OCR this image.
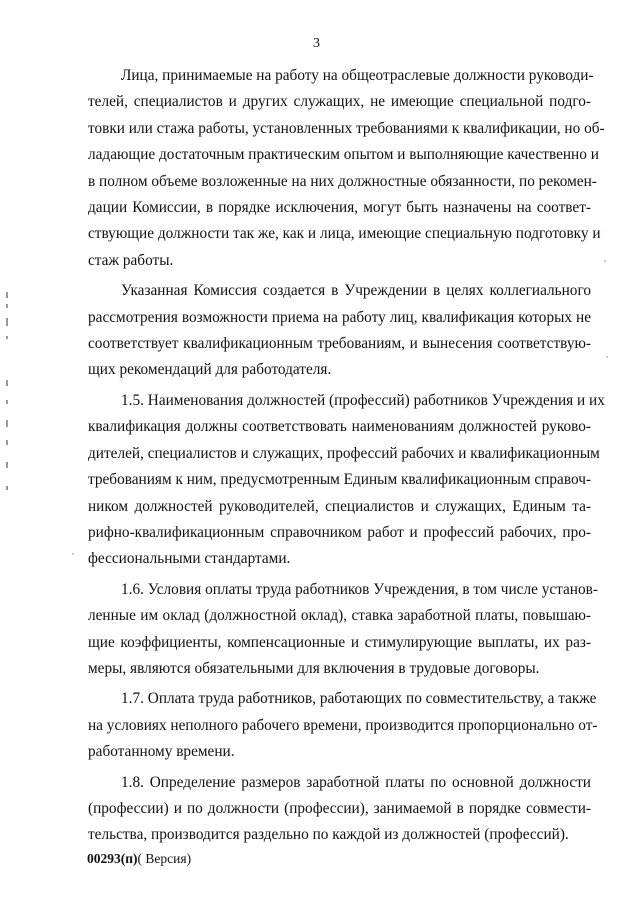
3
Лица, принимаемые на работу на общеотраслевые должности руководи-
телей, специалистов и других служащих, не имеющие специальной подго-
товки или стажа работы, установленных требованиями к квалификации, но об-
ладающие достаточным практическим опытом и выполняющие качественно и
в полном объеме возложенные на них должностные обязанности, по рекомен-
дации Комиссии, в порядке исключения, могут быть назначены на соответ-
ствующие должности так же, как и лица, имеющие специальную подготовку и
стаж работы.
Указанная Комиссия создается в Учреждении в целях коллегиального
рассмотрения возможности приема на работу лиц, квалификация которых не
соответствует квалификационным требованиям, и вынесения соответствую-
щих рекомендаций для работодателя.
1.5. Наименования должностей (профессий) работников Учреждения и их
квалификация должны соответствовать наименованиям должностей руково-
дителей, специалистов и служащих, профессий рабочих и квалификационным
требованиям к ним, предусмотренным Единым квалификационным справоч-
ником должностей руководителей, специалистов и служащих, Единым та-
рифно-квалификационным справочником работ и профессий рабочих, про-
фессиональными стандартами.
1.6. Условия оплаты труда работников Учреждения, в том числе установ-
ленные им оклад (должностной оклад), ставка заработной платы, повышаю-
щие коэффициенты, компенсационные и стимулирующие выплаты, их раз-
меры, являются обязательными для включения в трудовые договоры.
1.7. Оплата труда работников, работающих по совместительству, а также
на условиях неполного рабочего времени, производится пропорционально от-
работанному времени.
1.8. Определение размеров заработной платы по основной должности
(профессии) и по должности (профессии), занимаемой в порядке совмести-
тельства, производится раздельно по каждой из должностей (профессий).
00293(п)( Версия)
